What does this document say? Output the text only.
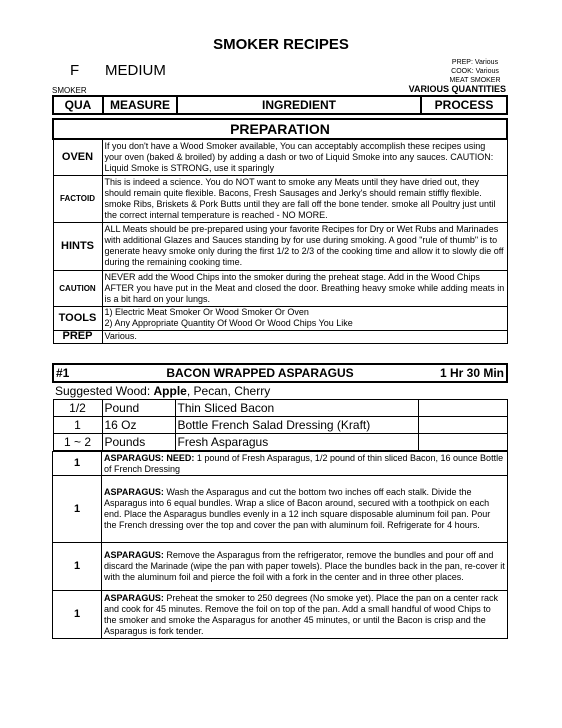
SMOKER RECIPES
F MEDIUM	PREP: Various
COOK: Various
MEAT SMOKER
SMOKER	VARIOUS QUANTITIES
QUA	MEASURE	INGREDIENT	PROCESS
PREPARATION	
OVEN	If you don't have a Wood Smoker available, You can acceptably accomplish these recipes using your oven (baked & broiled) by adding a dash or two of Liquid Smoke into any sauces. CAUTION: Liquid Smoke is STRONG, use it sparingly
FACTOID	This is indeed a science. You do NOT want to smoke any Meats until they have dried out, they should remain quite flexible. Bacons, Fresh Sausages and Jerky's should remain stiffly flexible. smoke Ribs, Briskets & Pork Butts until they are fall off the bone tender. smoke all Poultry just until the correct internal temperature is reached - NO MORE.
HINTS	ALL Meats should be pre-prepared using your favorite Recipes for Dry or Wet Rubs and Marinades with additional Glazes and Sauces standing by for use during smoking. A good "rule of thumb" is to generate heavy smoke only during the first 1/2 to 2/3 of the cooking time and allow it to slowly die off during the remaining cooking time.
CAUTION	NEVER add the Wood Chips into the smoker during the preheat stage. Add in the Wood Chips AFTER you have put in the Meat and closed the door. Breathing heavy smoke while adding meats in is a bit hard on your lungs.
TOOLS	1) Electric Meat Smoker Or Wood Smoker Or Oven
2) Any Appropriate Quantity Of Wood Or Wood Chips You Like

PREP	Various.
#1	BACON WRAPPED ASPARAGUS		1 Hr 30 Min
Suggested Wood: Apple, Pecan, Cherry			
1/2	Pound	Thin Sliced Bacon	
1	16 Oz	Bottle French Salad Dressing (Kraft)	
1 ~ 2	Pounds	Fresh Asparagus	
1	ASPARAGUS: NEED: 1 pound of Fresh Asparagus, 1/2 pound of thin sliced Bacon, 16 ounce Bottle of French Dressing
1	ASPARAGUS: Wash the Asparagus and cut the bottom two inches off each stalk. Divide the Asparagus into 6 equal bundles. Wrap a slice of Bacon around, secured with a toothpick on each end. Place the Asparagus bundles evenly in a 12 inch square disposable aluminum foil pan. Pour the French dressing over the top and cover the pan with aluminum foil. Refrigerate for 4 hours.
1	ASPARAGUS: Remove the Asparagus from the refrigerator, remove the bundles and pour off and discard the Marinade (wipe the pan with paper towels). Place the bundles back in the pan, re-cover it with the aluminum foil and pierce the foil with a fork in the center and in three other places.
1	ASPARAGUS: Preheat the smoker to 250 degrees (No smoke yet). Place the pan on a center rack and cook for 45 minutes. Remove the foil on top of the pan. Add a small handful of wood Chips to the smoker and smoke the Asparagus for another 45 minutes, or until the Bacon is crisp and the Asparagus is fork tender.
